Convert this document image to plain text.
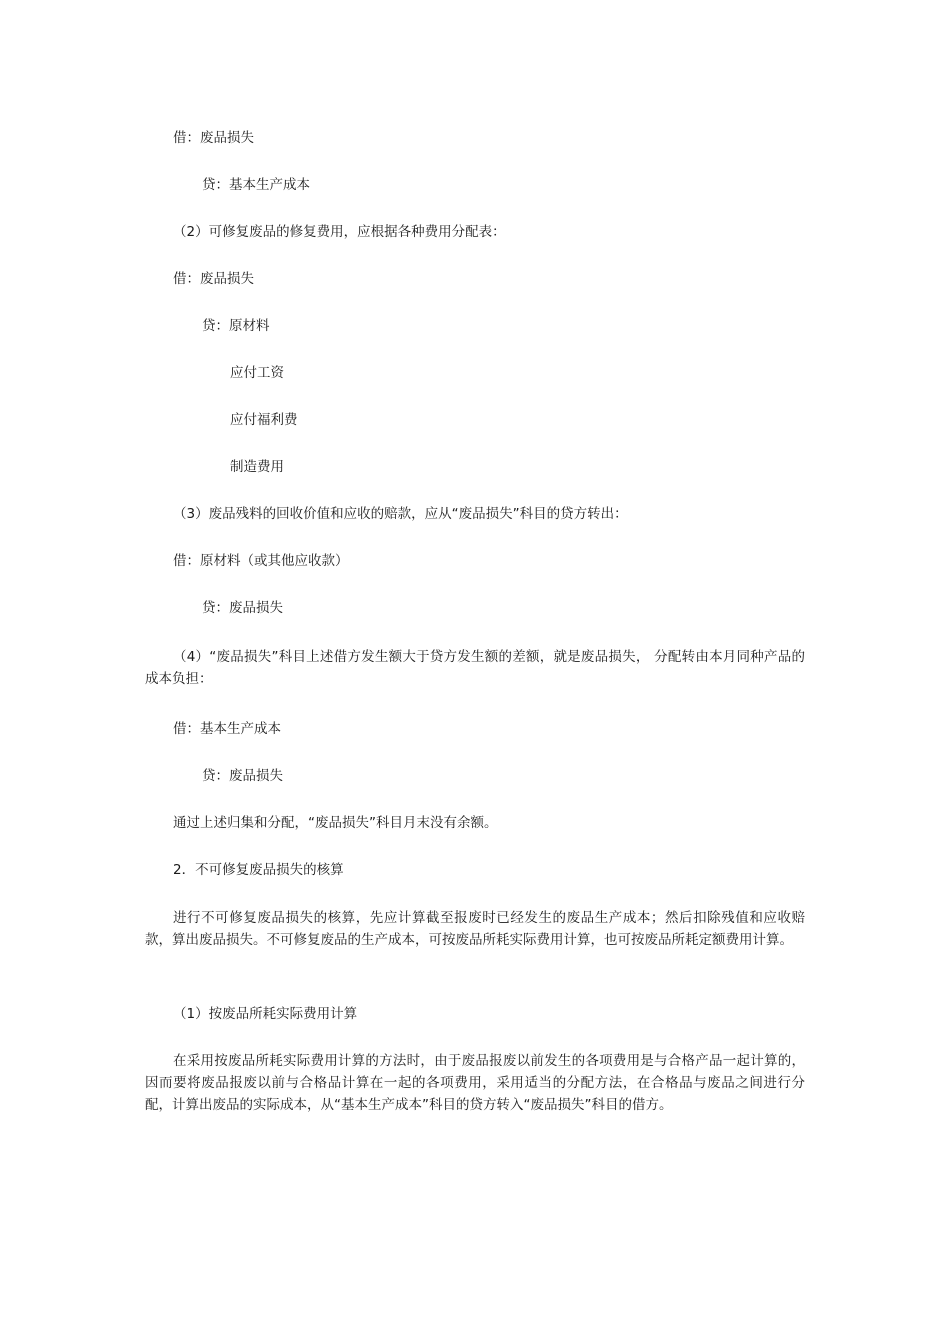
借：废品损失
贷：基本生产成本
（2）可修复废品的修复费用，应根据各种费用分配表：
借：废品损失
贷：原材料
应付工资
应付福利费
制造费用
（3）废品残料的回收价值和应收的赔款，应从“废品损失”科目的贷方转出：
借：原材料（或其他应收款）
贷：废品损失
（4）“废品损失”科目上述借方发生额大于贷方发生额的差额，就是废品损失， 分配转由本月同种产品的成本负担：
借：基本生产成本
贷：废品损失
通过上述归集和分配，“废品损失”科目月末没有余额。
2．不可修复废品损失的核算
进行不可修复废品损失的核算，先应计算截至报废时已经发生的废品生产成本；然后扣除残值和应收赔款，算出废品损失。不可修复废品的生产成本，可按废品所耗实际费用计算，也可按废品所耗定额费用计算。
（1）按废品所耗实际费用计算
在采用按废品所耗实际费用计算的方法时，由于废品报废以前发生的各项费用是与合格产品一起计算的，因而要将废品报废以前与合格品计算在一起的各项费用，采用适当的分配方法，在合格品与废品之间进行分配，计算出废品的实际成本，从“基本生产成本”科目的贷方转入“废品损失”科目的借方。
